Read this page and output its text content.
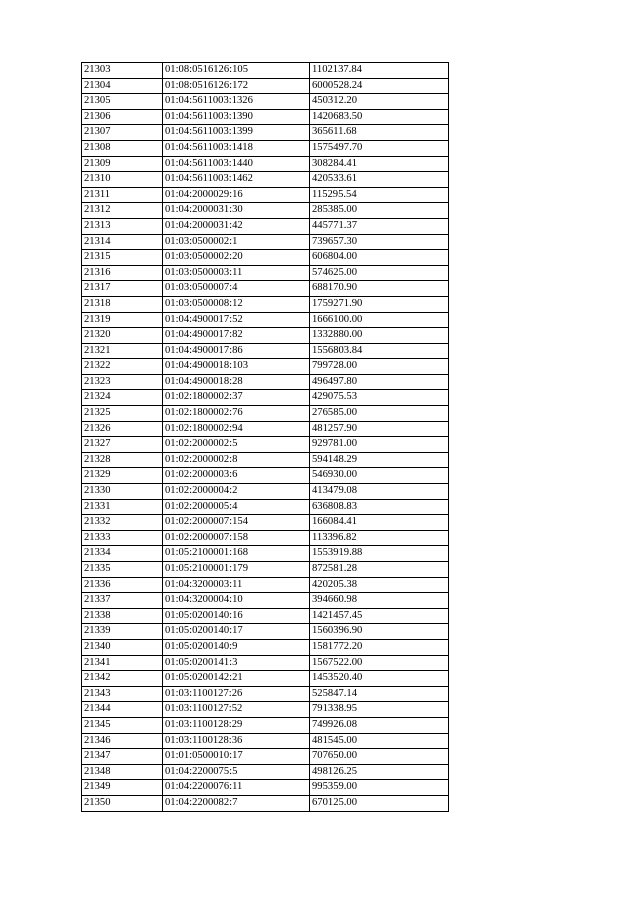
21303	01:08:0516126:105	1102137.84
21304	01:08:0516126:172	6000528.24
21305	01:04:5611003:1326	450312.20
21306	01:04:5611003:1390	1420683.50
21307	01:04:5611003:1399	365611.68
21308	01:04:5611003:1418	1575497.70
21309	01:04:5611003:1440	308284.41
21310	01:04:5611003:1462	420533.61
21311	01:04:2000029:16	115295.54
21312	01:04:2000031:30	285385.00
21313	01:04:2000031:42	445771.37
21314	01:03:0500002:1	739657.30
21315	01:03:0500002:20	606804.00
21316	01:03:0500003:11	574625.00
21317	01:03:0500007:4	688170.90
21318	01:03:0500008:12	1759271.90
21319	01:04:4900017:52	1666100.00
21320	01:04:4900017:82	1332880.00
21321	01:04:4900017:86	1556803.84
21322	01:04:4900018:103	799728.00
21323	01:04:4900018:28	496497.80
21324	01:02:1800002:37	429075.53
21325	01:02:1800002:76	276585.00
21326	01:02:1800002:94	481257.90
21327	01:02:2000002:5	929781.00
21328	01:02:2000002:8	594148.29
21329	01:02:2000003:6	546930.00
21330	01:02:2000004:2	413479.08
21331	01:02:2000005:4	636808.83
21332	01:02:2000007:154	166084.41
21333	01:02:2000007:158	113396.82
21334	01:05:2100001:168	1553919.88
21335	01:05:2100001:179	872581.28
21336	01:04:3200003:11	420205.38
21337	01:04:3200004:10	394660.98
21338	01:05:0200140:16	1421457.45
21339	01:05:0200140:17	1560396.90
21340	01:05:0200140:9	1581772.20
21341	01:05:0200141:3	1567522.00
21342	01:05:0200142:21	1453520.40
21343	01:03:1100127:26	525847.14
21344	01:03:1100127:52	791338.95
21345	01:03:1100128:29	749926.08
21346	01:03:1100128:36	481545.00
21347	01:01:0500010:17	707650.00
21348	01:04:2200075:5	498126.25
21349	01:04:2200076:11	995359.00
21350	01:04:2200082:7	670125.00
